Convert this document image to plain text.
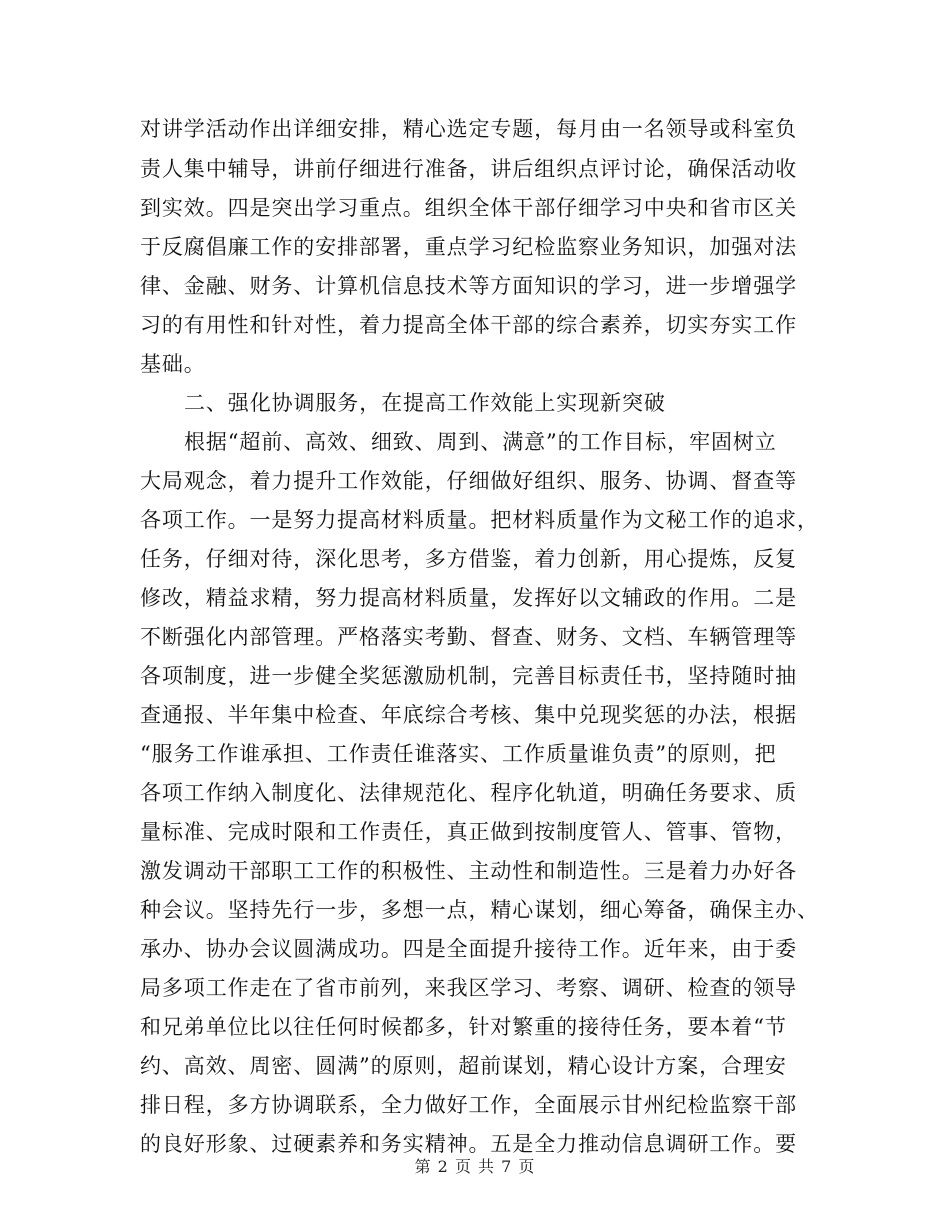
对讲学活动作出详细安排，精心选定专题，每月由一名领导或科室负
责人集中辅导，讲前仔细进行准备，讲后组织点评讨论，确保活动收
到实效。四是突出学习重点。组织全体干部仔细学习中央和省市区关
于反腐倡廉工作的安排部署，重点学习纪检监察业务知识，加强对法
律、金融、财务、计算机信息技术等方面知识的学习，进一步增强学
习的有用性和针对性，着力提高全体干部的综合素养，切实夯实工作
基础。
二、强化协调服务，在提高工作效能上实现新突破
根据“超前、高效、细致、周到、满意”的工作目标，牢固树立
大局观念，着力提升工作效能，仔细做好组织、服务、协调、督查等
各项工作。一是努力提高材料质量。把材料质量作为文秘工作的追求，
任务，仔细对待，深化思考，多方借鉴，着力创新，用心提炼，反复
修改，精益求精，努力提高材料质量，发挥好以文辅政的作用。二是
不断强化内部管理。严格落实考勤、督查、财务、文档、车辆管理等
各项制度，进一步健全奖惩激励机制，完善目标责任书，坚持随时抽
查通报、半年集中检查、年底综合考核、集中兑现奖惩的办法，根据
“服务工作谁承担、工作责任谁落实、工作质量谁负责”的原则，把
各项工作纳入制度化、法律规范化、程序化轨道，明确任务要求、质
量标准、完成时限和工作责任，真正做到按制度管人、管事、管物，
激发调动干部职工工作的积极性、主动性和制造性。三是着力办好各
种会议。坚持先行一步，多想一点，精心谋划，细心筹备，确保主办、
承办、协办会议圆满成功。四是全面提升接待工作。近年来，由于委
局多项工作走在了省市前列，来我区学习、考察、调研、检查的领导
和兄弟单位比以往任何时候都多，针对繁重的接待任务，要本着“节
约、高效、周密、圆满”的原则，超前谋划，精心设计方案，合理安
排日程，多方协调联系，全力做好工作，全面展示甘州纪检监察干部
的良好形象、过硬素养和务实精神。五是全力推动信息调研工作。要
第 2 页 共 7 页
